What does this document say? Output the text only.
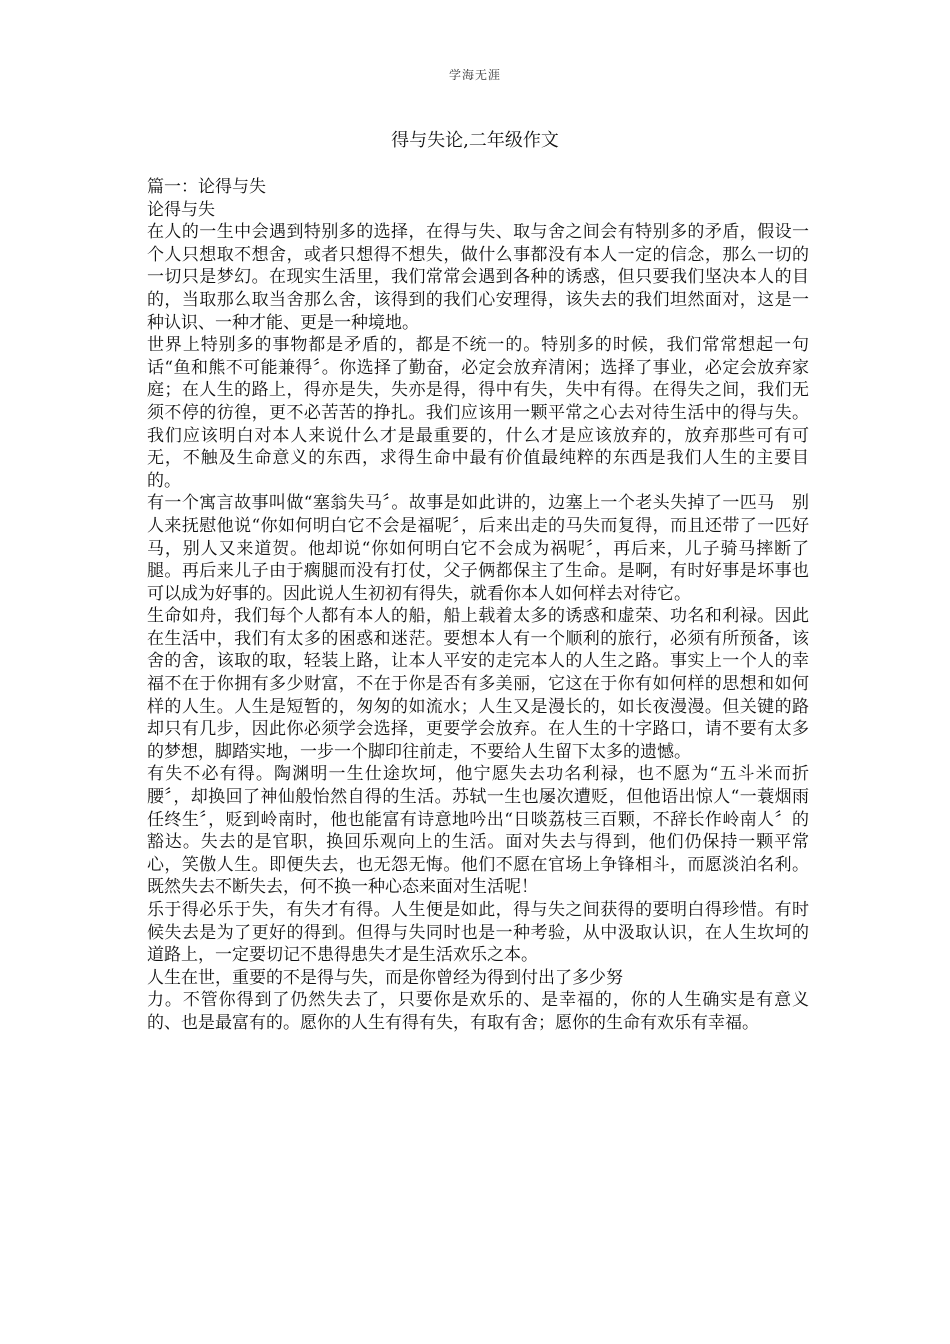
学海无涯
得与失论,二年级作文

篇一：论得与失

论得与失

在人的一生中会遇到特别多的选择，在得与失、取与舍之间会有特别多的矛盾，假设一个人只想取不想舍，或者只想得不想失，做什么事都没有本人一定的信念，那么一切的一切只是梦幻。在现实生活里，我们常常会遇到各种的诱惑，但只要我们坚决本人的目的，当取那么取当舍那么舍，该得到的我们心安理得，该失去的我们坦然面对，这是一种认识、一种才能、更是一种境地。

世界上特别多的事物都是矛盾的，都是不统一的。特别多的时候，我们常常想起一句话“鱼和熊不可能兼得〞。你选择了勤奋，必定会放弃清闲；选择了事业，必定会放弃家庭；在人生的路上，得亦是失，失亦是得，得中有失，失中有得。在得失之间，我们无须不停的彷徨，更不必苦苦的挣扎。我们应该用一颗平常之心去对待生活中的得与失。我们应该明白对本人来说什么才是最重要的，什么才是应该放弃的，放弃那些可有可无，不触及生命意义的东西，求得生命中最有价值最纯粹的东西是我们人生的主要目的。

有一个寓言故事叫做“塞翁失马〞。故事是如此讲的，边塞上一个老头失掉了一匹马　别人来抚慰他说“你如何明白它不会是福呢〞，后来出走的马失而复得，而且还带了一匹好马，别人又来道贺。他却说“你如何明白它不会成为祸呢〞，再后来，儿子骑马摔断了腿。再后来儿子由于瘸腿而没有打仗，父子俩都保主了生命。是啊，有时好事是坏事也可以成为好事的。因此说人生初初有得失，就看你本人如何样去对待它。

生命如舟，我们每个人都有本人的船，船上载着太多的诱惑和虚荣、功名和利禄。因此在生活中，我们有太多的困惑和迷茫。要想本人有一个顺利的旅行，必须有所预备，该舍的舍，该取的取，轻装上路，让本人平安的走完本人的人生之路。事实上一个人的幸福不在于你拥有多少财富，不在于你是否有多美丽，它这在于你有如何样的思想和如何样的人生。人生是短暂的，匆匆的如流水；人生又是漫长的，如长夜漫漫。但关键的路却只有几步，因此你必须学会选择，更要学会放弃。在人生的十字路口，请不要有太多的梦想，脚踏实地，一步一个脚印往前走，不要给人生留下太多的遗憾。

有失不必有得。陶渊明一生仕途坎坷，他宁愿失去功名利禄，也不愿为“五斗米而折腰〞，却换回了神仙般怡然自得的生活。苏轼一生也屡次遭贬，但他语出惊人“一蓑烟雨任终生〞，贬到岭南时，他也能富有诗意地吟出“日啖荔枝三百颗，不辞长作岭南人〞的豁达。失去的是官职，换回乐观向上的生活。面对失去与得到，他们仍保持一颗平常心，笑傲人生。即便失去，也无怨无悔。他们不愿在官场上争锋相斗，而愿淡泊名利。既然失去不断失去，何不换一种心态来面对生活呢！

乐于得必乐于失，有失才有得。人生便是如此，得与失之间获得的要明白得珍惜。有时候失去是为了更好的得到。但得与失同时也是一种考验，从中汲取认识，在人生坎坷的道路上，一定要切记不患得患失才是生活欢乐之本。

人生在世，重要的不是得与失，而是你曾经为得到付出了多少努

力。不管你得到了仍然失去了，只要你是欢乐的、是幸福的，你的人生确实是有意义的、也是最富有的。愿你的人生有得有失，有取有舍；愿你的生命有欢乐有幸福。
